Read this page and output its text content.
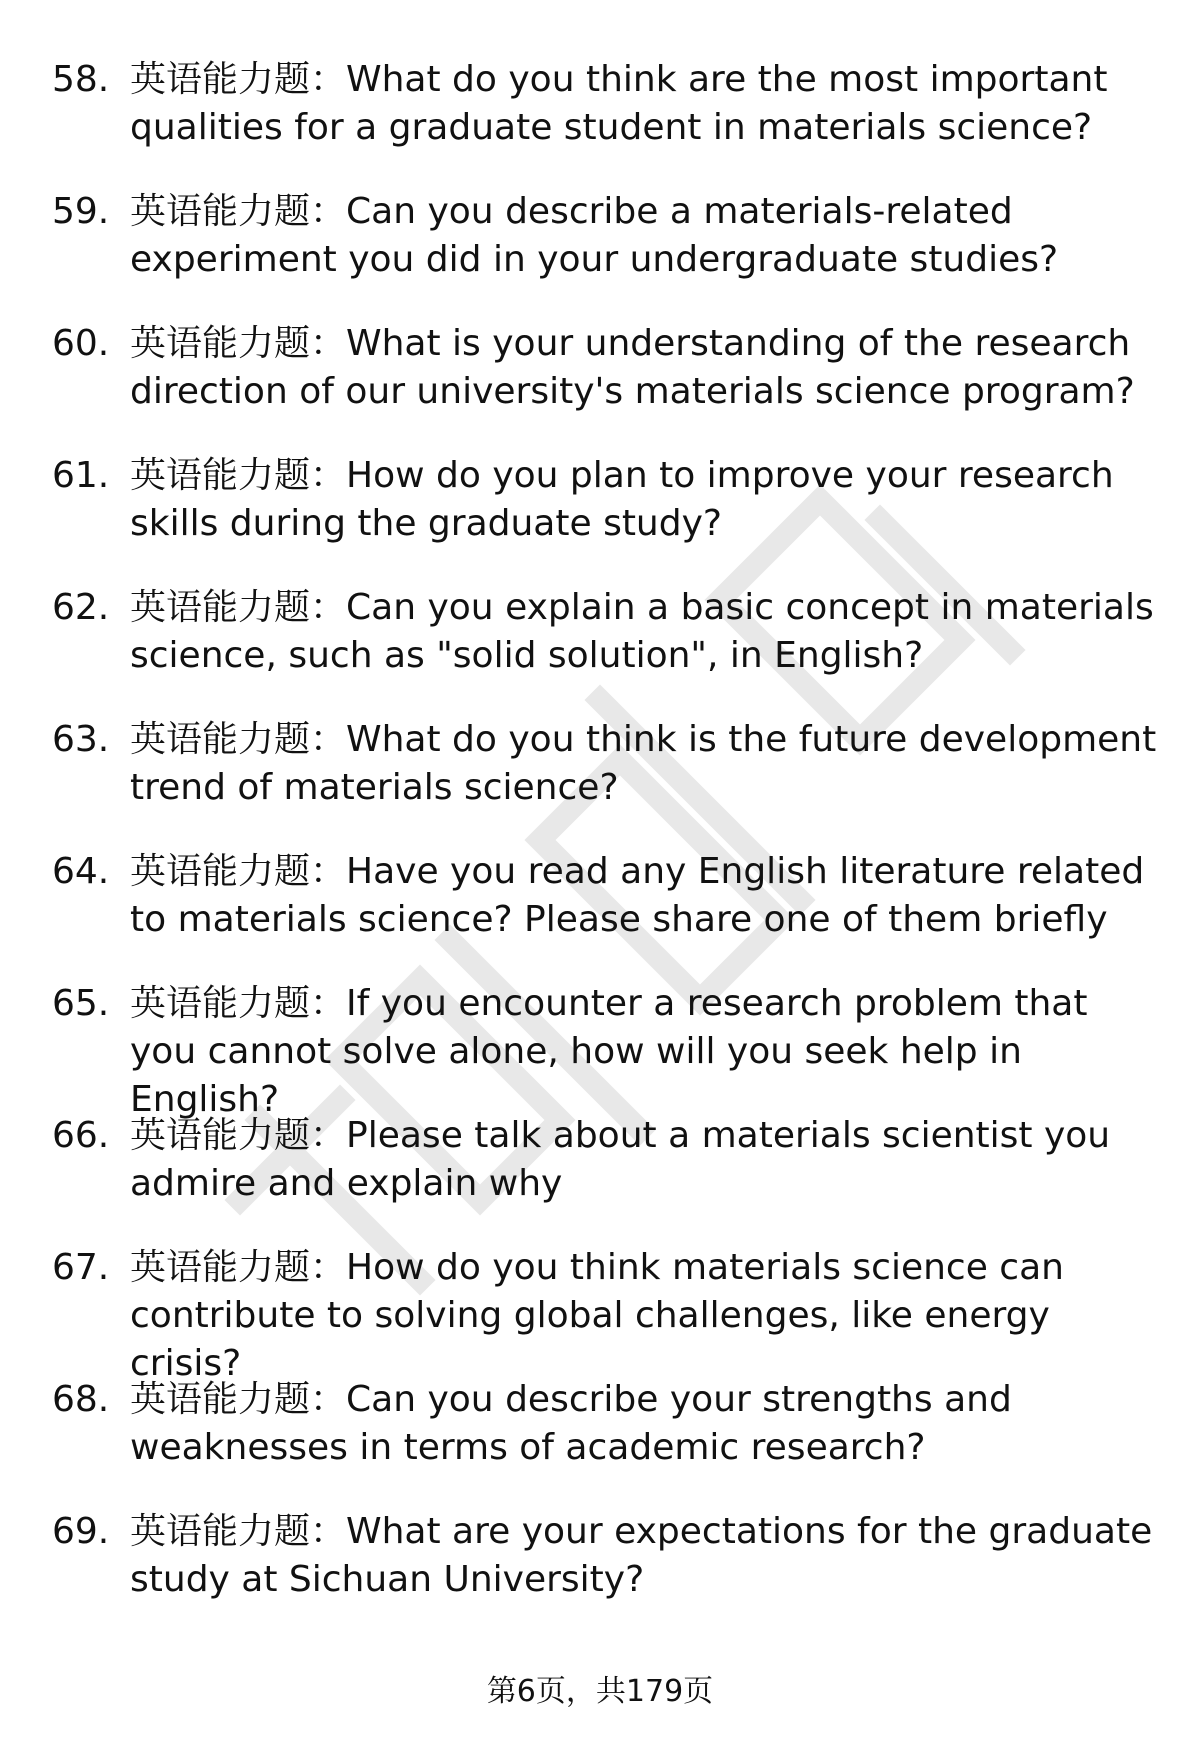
58. 英语能力题：What do you think are the most important qualities for a graduate student in materials science?

59. 英语能力题：Can you describe a materials-related experiment you did in your undergraduate studies?

60. 英语能力题：What is your understanding of the research direction of our university's materials science program?

61. 英语能力题：How do you plan to improve your research skills during the graduate study?

62. 英语能力题：Can you explain a basic concept in materials science, such as "solid solution", in English?

63. 英语能力题：What do you think is the future development trend of materials science?

64. 英语能力题：Have you read any English literature related to materials science? Please share one of them briefly

65. 英语能力题：If you encounter a research problem that you cannot solve alone, how will you seek help in English?

66. 英语能力题：Please talk about a materials scientist you admire and explain why

67. 英语能力题：How do you think materials science can contribute to solving global challenges, like energy crisis?

68. 英语能力题：Can you describe your strengths and weaknesses in terms of academic research?

69. 英语能力题：What are your expectations for the graduate study at Sichuan University?

第6页，共179页
